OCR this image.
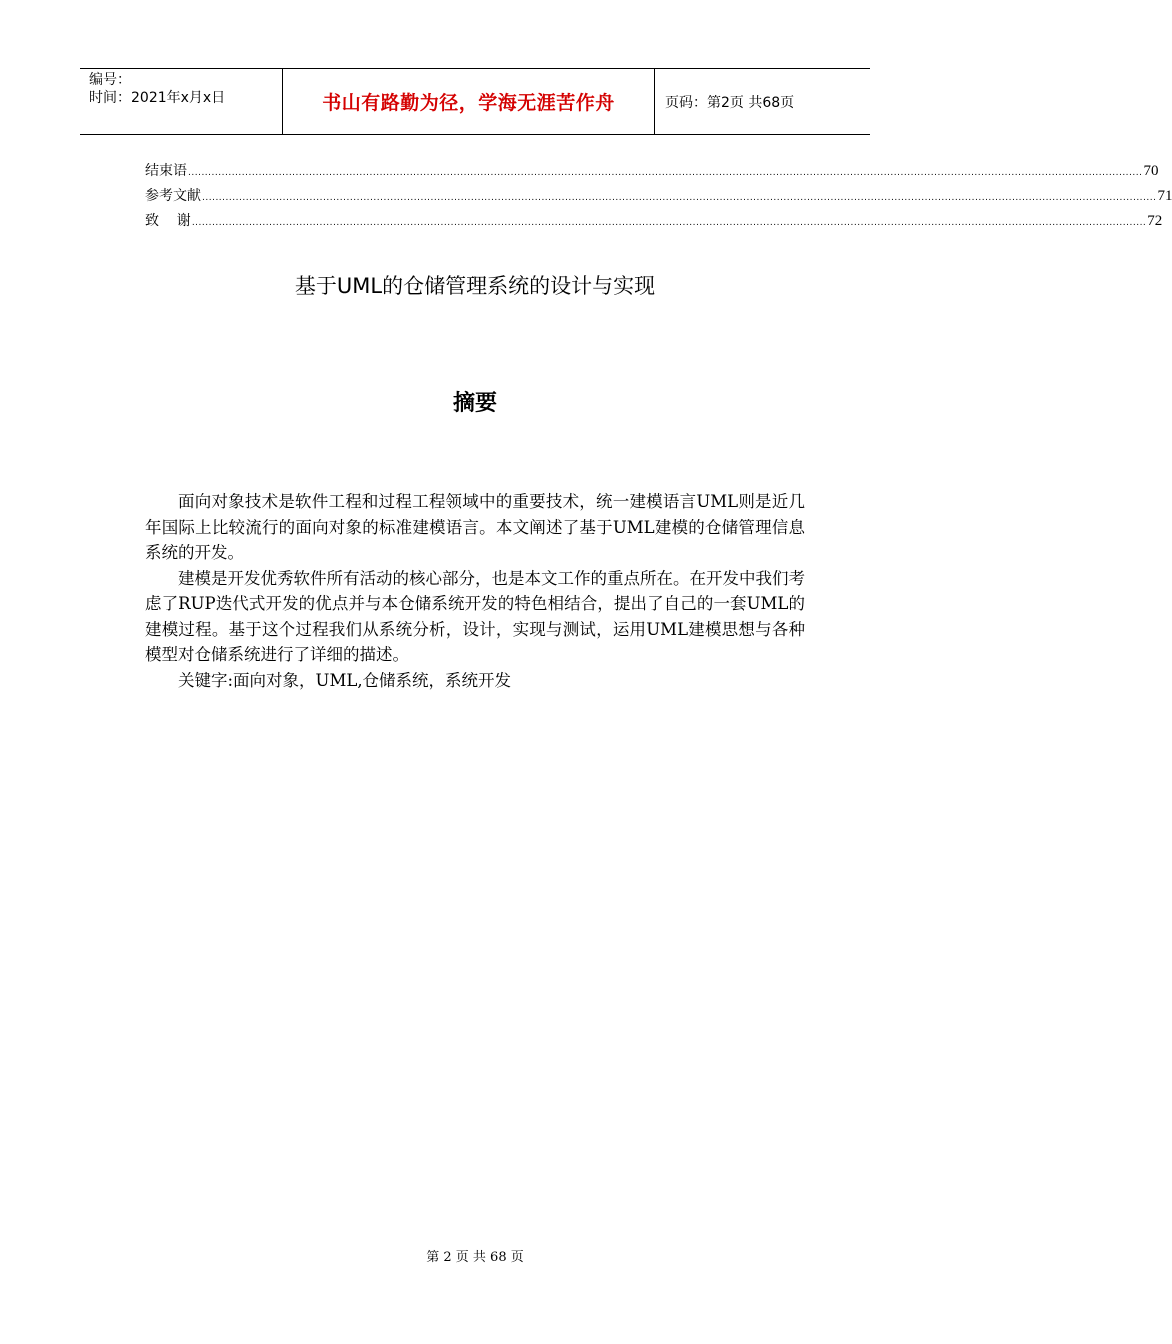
编号：
时间：2021年x月x日	书山有路勤为径，学海无涯苦作舟	页码：第2页 共68页
结束语 ............................................................................................................................................................................................................................................................................................ 70
参考文献 ............................................................................................................................................................................................................................................................................................ 71
致    谢 ............................................................................................................................................................................................................................................................................................ 72
基于UML的仓储管理系统的设计与实现
摘要

面向对象技术是软件工程和过程工程领域中的重要技术，统一建模语言UML则是近几年国际上比较流行的面向对象的标准建模语言。本文阐述了基于UML建模的仓储管理信息系统的开发。

建模是开发优秀软件所有活动的核心部分，也是本文工作的重点所在。在开发中我们考虑了RUP迭代式开发的优点并与本仓储系统开发的特色相结合，提出了自己的一套UML的建模过程。基于这个过程我们从系统分析，设计，实现与测试，运用UML建模思想与各种模型对仓储系统进行了详细的描述。

关键字:面向对象，UML,仓储系统，系统开发

第 2 页 共 68 页
